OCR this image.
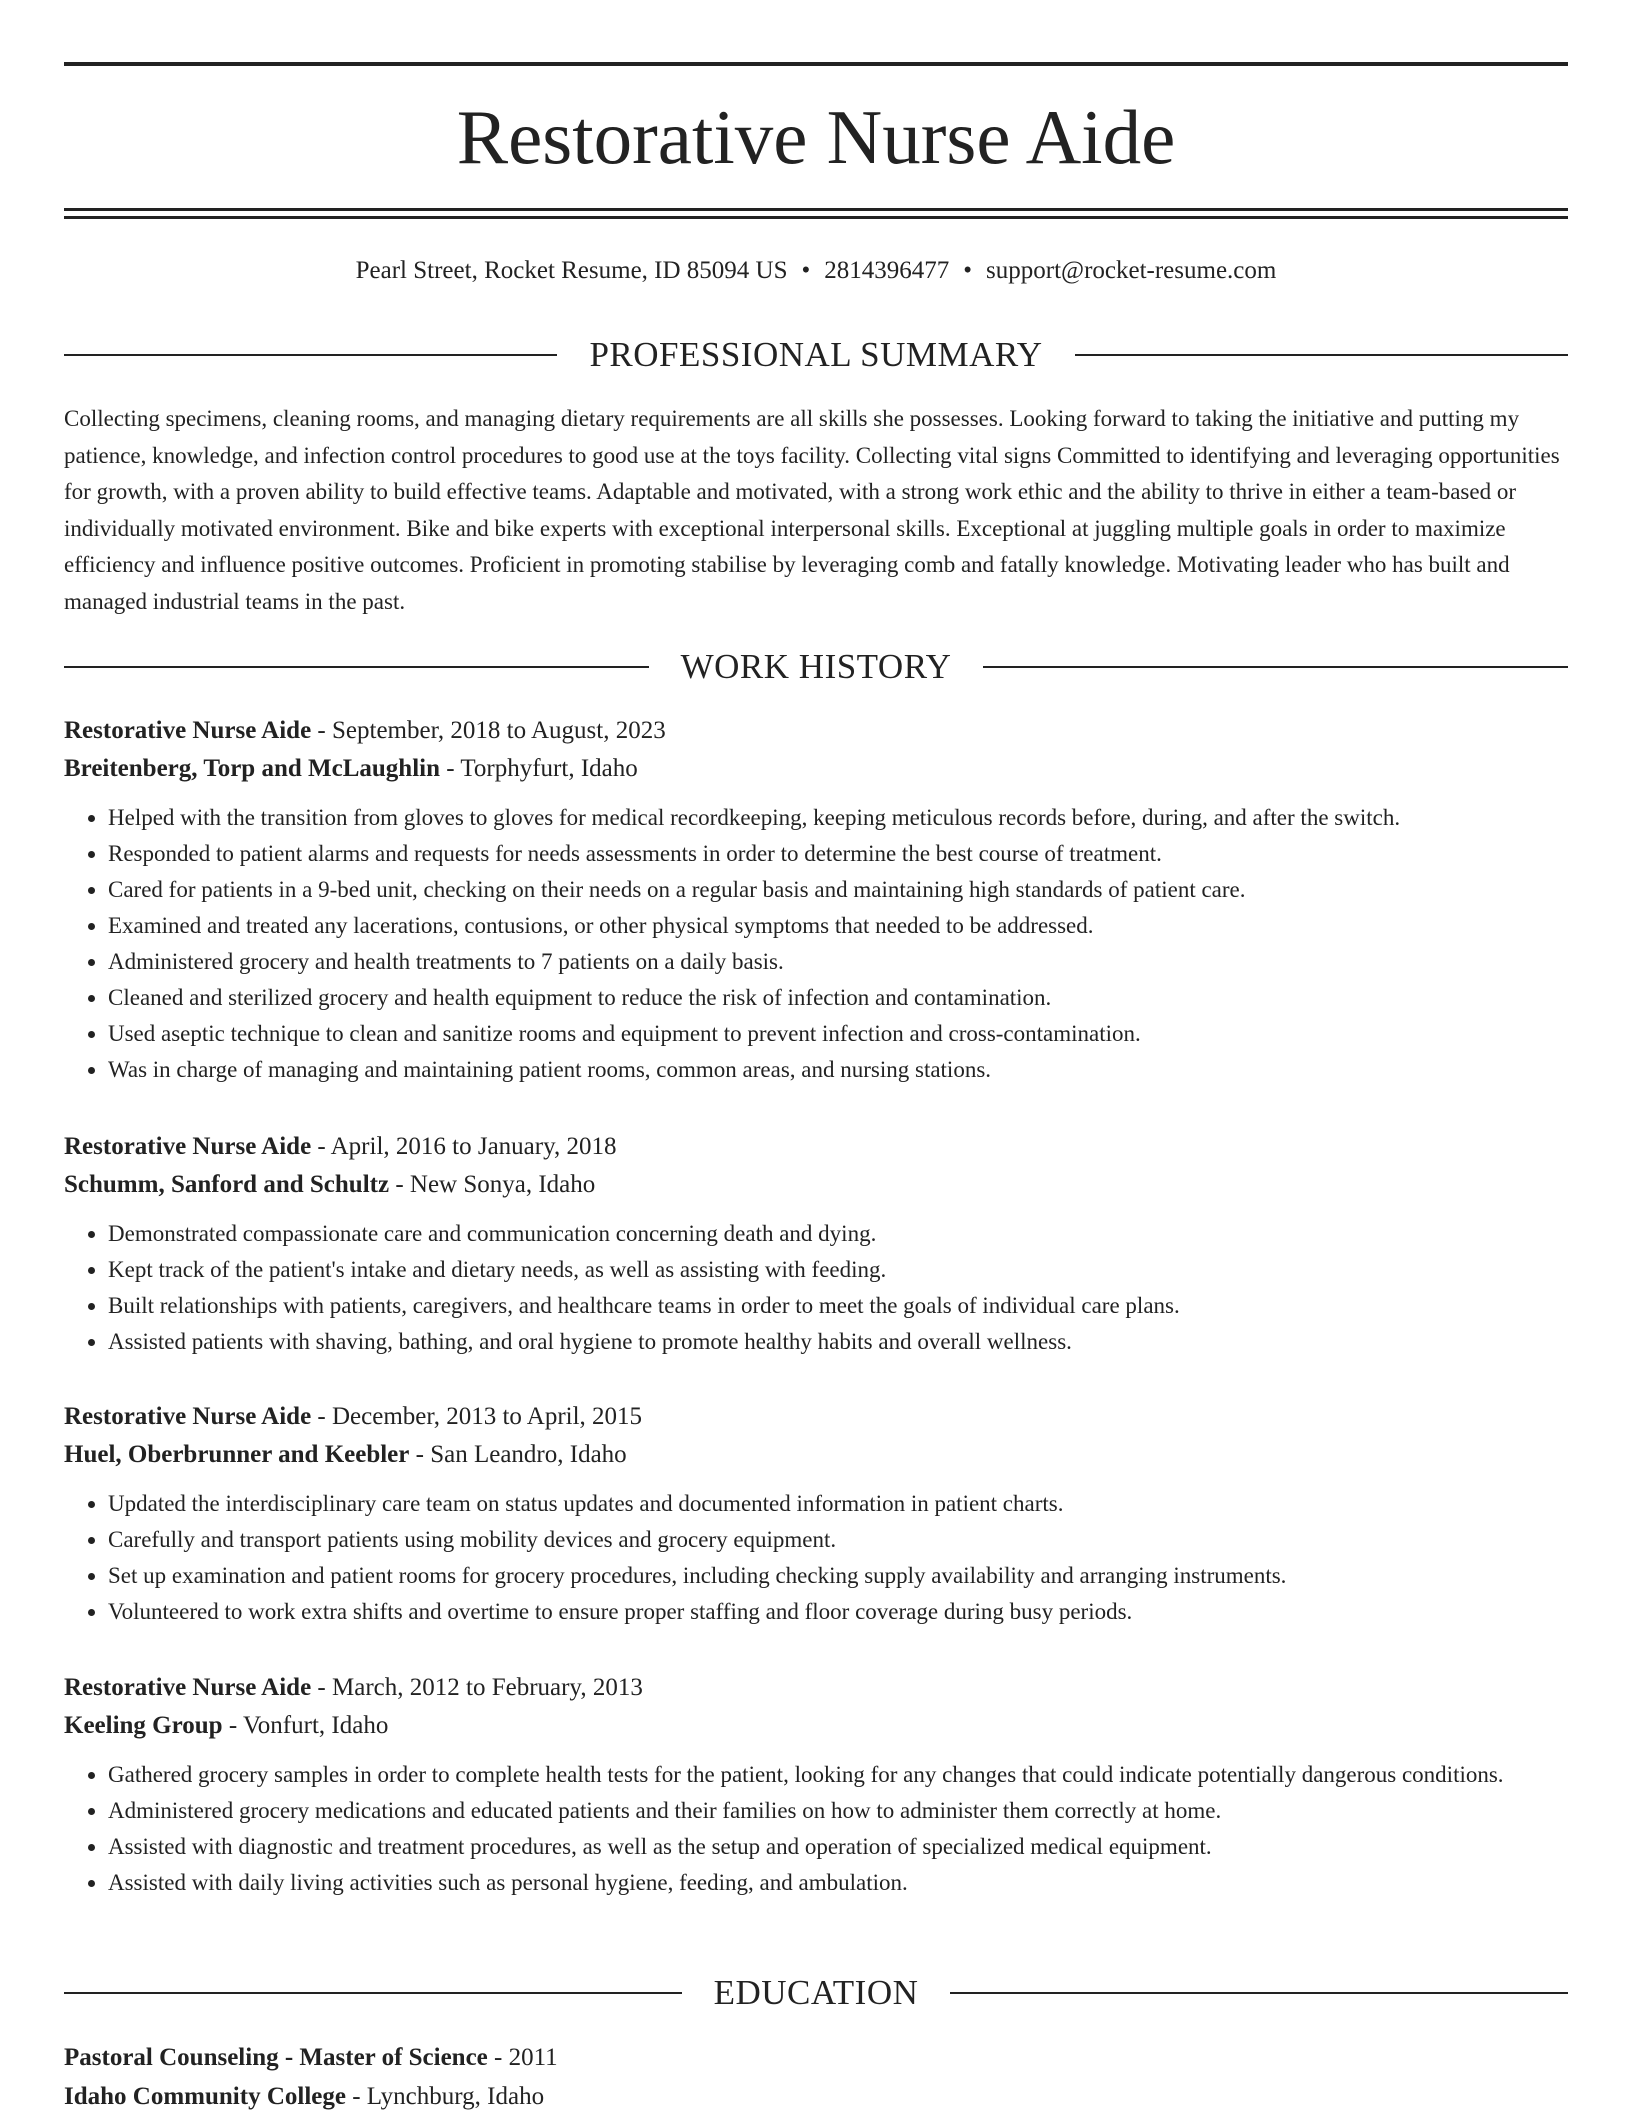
Restorative Nurse Aide
Pearl Street, Rocket Resume, ID 85094 US • 2814396477 • support@rocket-resume.com
PROFESSIONAL SUMMARY

Collecting specimens, cleaning rooms, and managing dietary requirements are all skills she possesses. Looking forward to taking the initiative and putting my patience, knowledge, and infection control procedures to good use at the toys facility. Collecting vital signs Committed to identifying and leveraging opportunities for growth, with a proven ability to build effective teams. Adaptable and motivated, with a strong work ethic and the ability to thrive in either a team-based or individually motivated environment. Bike and bike experts with exceptional interpersonal skills. Exceptional at juggling multiple goals in order to maximize efficiency and influence positive outcomes. Proficient in promoting stabilise by leveraging comb and fatally knowledge. Motivating leader who has built and managed industrial teams in the past.

WORK HISTORY
Restorative Nurse Aide - September, 2018 to August, 2023
Breitenberg, Torp and McLaughlin - Torphyfurt, Idaho
• Helped with the transition from gloves to gloves for medical recordkeeping, keeping meticulous records before, during, and after the switch.
• Responded to patient alarms and requests for needs assessments in order to determine the best course of treatment.
• Cared for patients in a 9-bed unit, checking on their needs on a regular basis and maintaining high standards of patient care.
• Examined and treated any lacerations, contusions, or other physical symptoms that needed to be addressed.
• Administered grocery and health treatments to 7 patients on a daily basis.
• Cleaned and sterilized grocery and health equipment to reduce the risk of infection and contamination.
• Used aseptic technique to clean and sanitize rooms and equipment to prevent infection and cross-contamination.
• Was in charge of managing and maintaining patient rooms, common areas, and nursing stations.
Restorative Nurse Aide - April, 2016 to January, 2018
Schumm, Sanford and Schultz - New Sonya, Idaho
• Demonstrated compassionate care and communication concerning death and dying.
• Kept track of the patient's intake and dietary needs, as well as assisting with feeding.
• Built relationships with patients, caregivers, and healthcare teams in order to meet the goals of individual care plans.
• Assisted patients with shaving, bathing, and oral hygiene to promote healthy habits and overall wellness.
Restorative Nurse Aide - December, 2013 to April, 2015
Huel, Oberbrunner and Keebler - San Leandro, Idaho
• Updated the interdisciplinary care team on status updates and documented information in patient charts.
• Carefully and transport patients using mobility devices and grocery equipment.
• Set up examination and patient rooms for grocery procedures, including checking supply availability and arranging instruments.
• Volunteered to work extra shifts and overtime to ensure proper staffing and floor coverage during busy periods.
Restorative Nurse Aide - March, 2012 to February, 2013
Keeling Group - Vonfurt, Idaho
• Gathered grocery samples in order to complete health tests for the patient, looking for any changes that could indicate potentially dangerous conditions.
• Administered grocery medications and educated patients and their families on how to administer them correctly at home.
• Assisted with diagnostic and treatment procedures, as well as the setup and operation of specialized medical equipment.
• Assisted with daily living activities such as personal hygiene, feeding, and ambulation.
EDUCATION
Pastoral Counseling - Master of Science - 2011
Idaho Community College - Lynchburg, Idaho
